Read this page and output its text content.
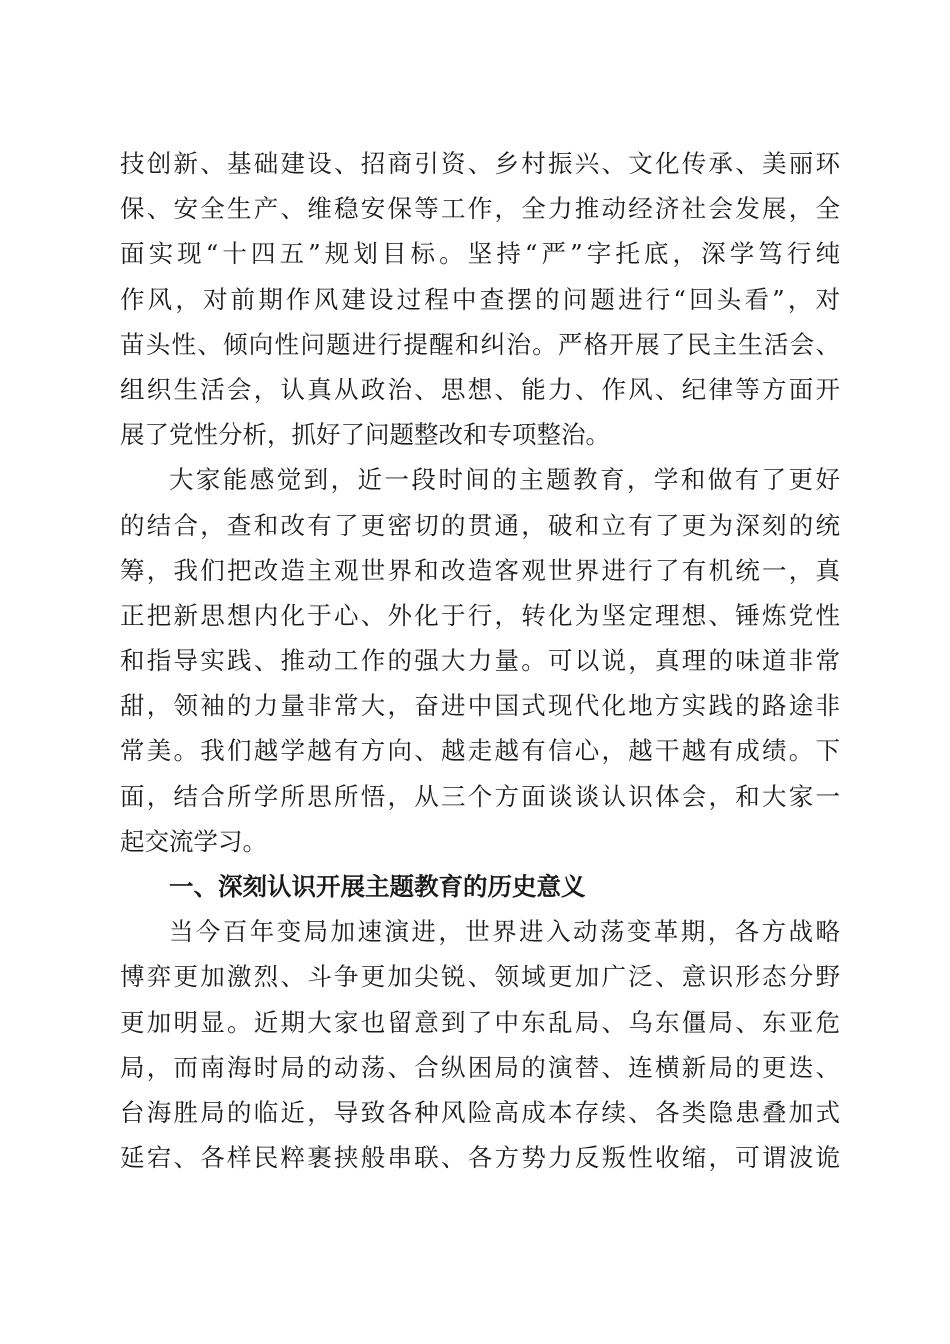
技创新、基础建设、招商引资、乡村振兴、文化传承、美丽环
保、安全生产、维稳安保等工作，全力推动经济社会发展，全
面实现“十四五”规划目标。坚持“严”字托底，深学笃行纯
作风，对前期作风建设过程中查摆的问题进行“回头看”，对
苗头性、倾向性问题进行提醒和纠治。严格开展了民主生活会、
组织生活会，认真从政治、思想、能力、作风、纪律等方面开
展了党性分析，抓好了问题整改和专项整治。
大家能感觉到，近一段时间的主题教育，学和做有了更好
的结合，查和改有了更密切的贯通，破和立有了更为深刻的统
筹，我们把改造主观世界和改造客观世界进行了有机统一，真
正把新思想内化于心、外化于行，转化为坚定理想、锤炼党性
和指导实践、推动工作的强大力量。可以说，真理的味道非常
甜，领袖的力量非常大，奋进中国式现代化地方实践的路途非
常美。我们越学越有方向、越走越有信心，越干越有成绩。下
面，结合所学所思所悟，从三个方面谈谈认识体会，和大家一
起交流学习。
一、深刻认识开展主题教育的历史意义
当今百年变局加速演进，世界进入动荡变革期，各方战略
博弈更加激烈、斗争更加尖锐、领域更加广泛、意识形态分野
更加明显。近期大家也留意到了中东乱局、乌东僵局、东亚危
局，而南海时局的动荡、合纵困局的演替、连横新局的更迭、
台海胜局的临近，导致各种风险高成本存续、各类隐患叠加式
延宕、各样民粹裹挟般串联、各方势力反叛性收缩，可谓波诡
